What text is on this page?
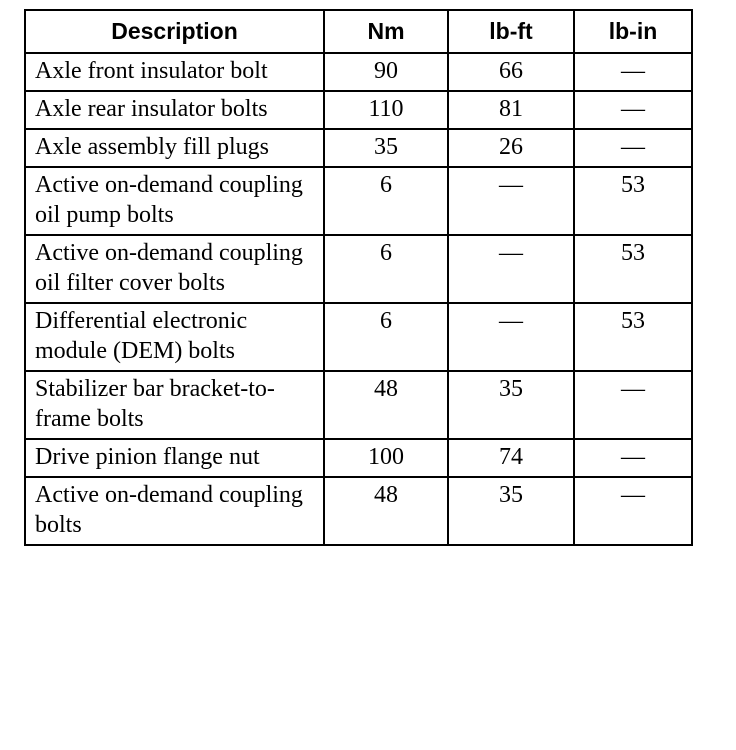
Description	Nm	lb-ft	lb-in
Axle front insulator bolt	90	66	—
Axle rear insulator bolts	110	81	—
Axle assembly fill plugs	35	26	—
Active on-demand coupling oil pump bolts	6	—	53
Active on-demand coupling oil filter cover bolts	6	—	53
Differential electronic module (DEM) bolts	6	—	53
Stabilizer bar bracket-to-frame bolts	48	35	—
Drive pinion flange nut	100	74	—
Active on-demand coupling bolts	48	35	—
